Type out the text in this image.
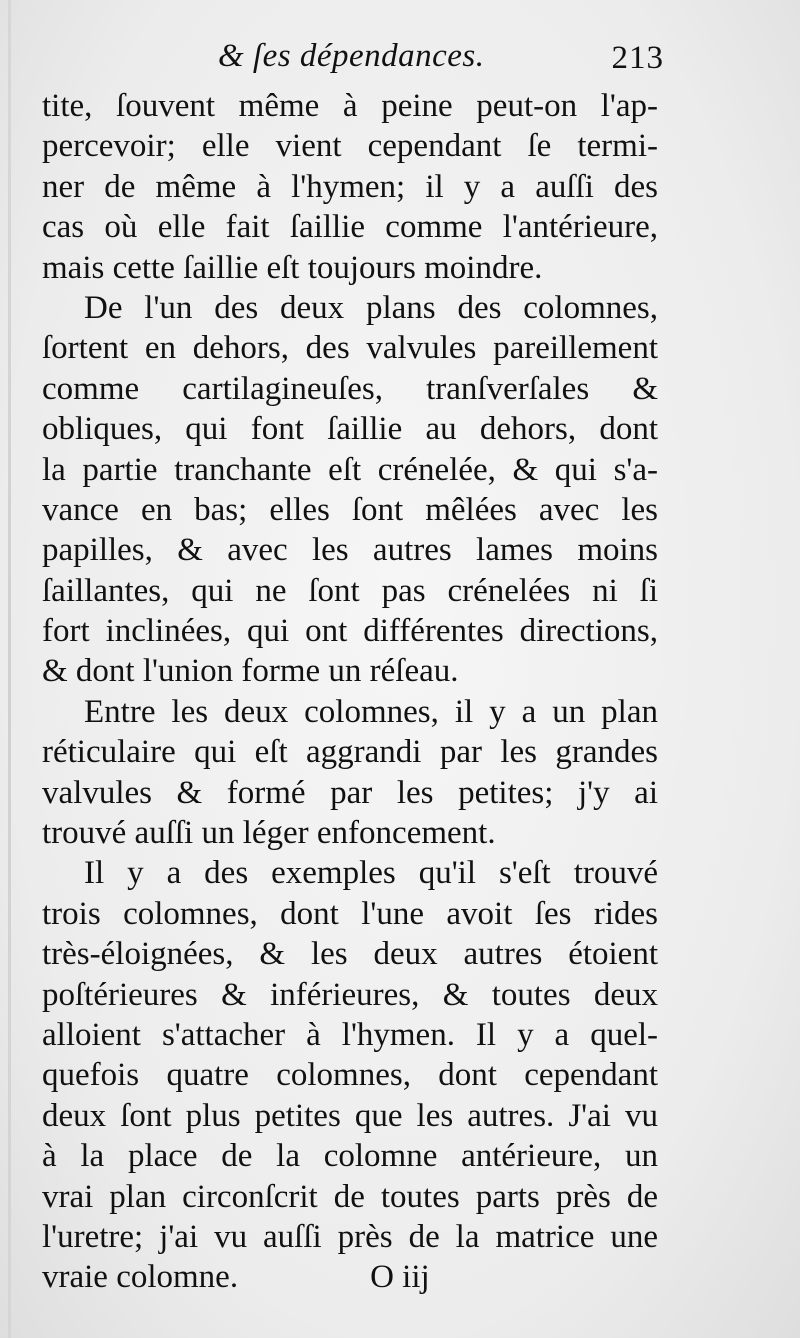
& ſes dépendances.	213
tite, ſouvent même à peine peut-on l'ap-
percevoir; elle vient cependant ſe termi-
ner de même à l'hymen; il y a auſſi des
cas où elle fait ſaillie comme l'antérieure,
mais cette ſaillie eſt toujours moindre.
De l'un des deux plans des colomnes,
ſortent en dehors, des valvules pareillement
comme cartilagineuſes, tranſverſales &
obliques, qui font ſaillie au dehors, dont
la partie tranchante eſt crénelée, & qui s'a-
vance en bas; elles ſont mêlées avec les
papilles, & avec les autres lames moins
ſaillantes, qui ne ſont pas crénelées ni ſi
fort inclinées, qui ont différentes directions,
& dont l'union forme un réſeau.
Entre les deux colomnes, il y a un plan
réticulaire qui eſt aggrandi par les grandes
valvules & formé par les petites; j'y ai
trouvé auſſi un léger enfoncement.
Il y a des exemples qu'il s'eſt trouvé
trois colomnes, dont l'une avoit ſes rides
très-éloignées, & les deux autres étoient
poſtérieures & inférieures, & toutes deux
alloient s'attacher à l'hymen. Il y a quel-
quefois quatre colomnes, dont cependant
deux ſont plus petites que les autres. J'ai vu
à la place de la colomne antérieure, un
vrai plan circonſcrit de toutes parts près de
l'uretre; j'ai vu auſſi près de la matrice une
vraie colomne.                O iij
